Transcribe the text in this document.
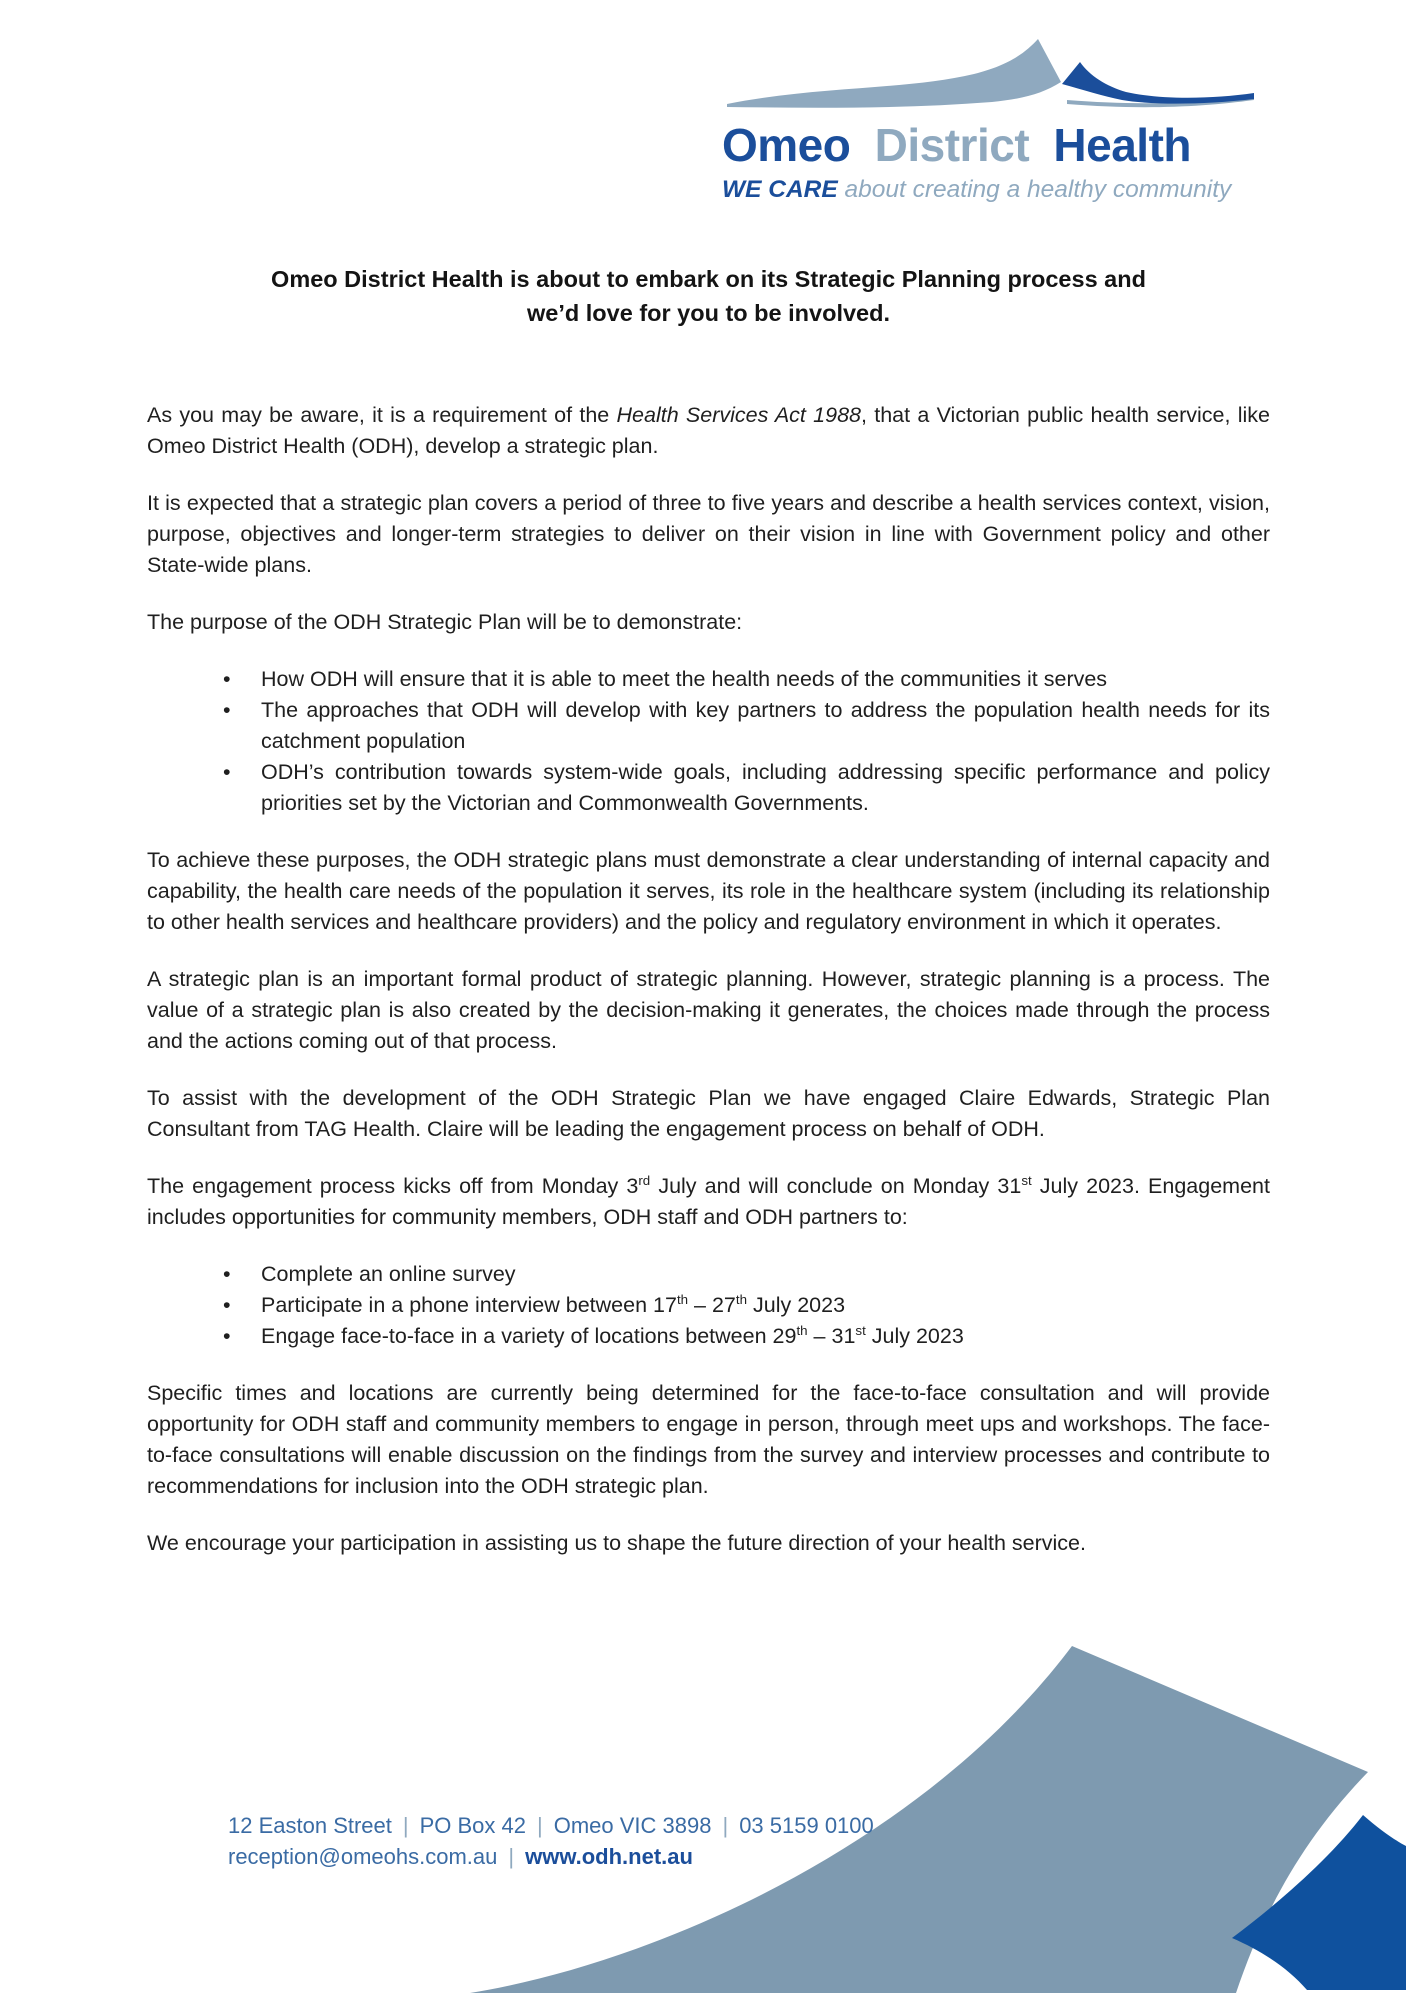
Omeo District Health
WE CARE about creating a healthy community
Omeo District Health is about to embark on its Strategic Planning process and
we’d love for you to be involved.

As you may be aware, it is a requirement of the Health Services Act 1988, that a Victorian public health service, like Omeo District Health (ODH), develop a strategic plan.

It is expected that a strategic plan covers a period of three to five years and describe a health services context, vision, purpose, objectives and longer-term strategies to deliver on their vision in line with Government policy and other State-wide plans.

The purpose of the ODH Strategic Plan will be to demonstrate:

• How ODH will ensure that it is able to meet the health needs of the communities it serves
• The approaches that ODH will develop with key partners to address the population health needs for its catchment population
• ODH’s contribution towards system-wide goals, including addressing specific performance and policy priorities set by the Victorian and Commonwealth Governments.

To achieve these purposes, the ODH strategic plans must demonstrate a clear understanding of internal capacity and capability, the health care needs of the population it serves, its role in the healthcare system (including its relationship to other health services and healthcare providers) and the policy and regulatory environment in which it operates.

A strategic plan is an important formal product of strategic planning. However, strategic planning is a process. The value of a strategic plan is also created by the decision-making it generates, the choices made through the process and the actions coming out of that process.

To assist with the development of the ODH Strategic Plan we have engaged Claire Edwards, Strategic Plan Consultant from TAG Health. Claire will be leading the engagement process on behalf of ODH.

The engagement process kicks off from Monday 3rd July and will conclude on Monday 31st July 2023. Engagement includes opportunities for community members, ODH staff and ODH partners to:

• Complete an online survey
• Participate in a phone interview between 17th – 27th July 2023
• Engage face-to-face in a variety of locations between 29th – 31st July 2023

Specific times and locations are currently being determined for the face-to-face consultation and will provide opportunity for ODH staff and community members to engage in person, through meet ups and workshops. The face-to-face consultations will enable discussion on the findings from the survey and interview processes and contribute to recommendations for inclusion into the ODH strategic plan.

We encourage your participation in assisting us to shape the future direction of your health service.

12 Easton Street | PO Box 42 | Omeo VIC 3898 | 03 5159 0100
reception@omeohs.com.au | www.odh.net.au
